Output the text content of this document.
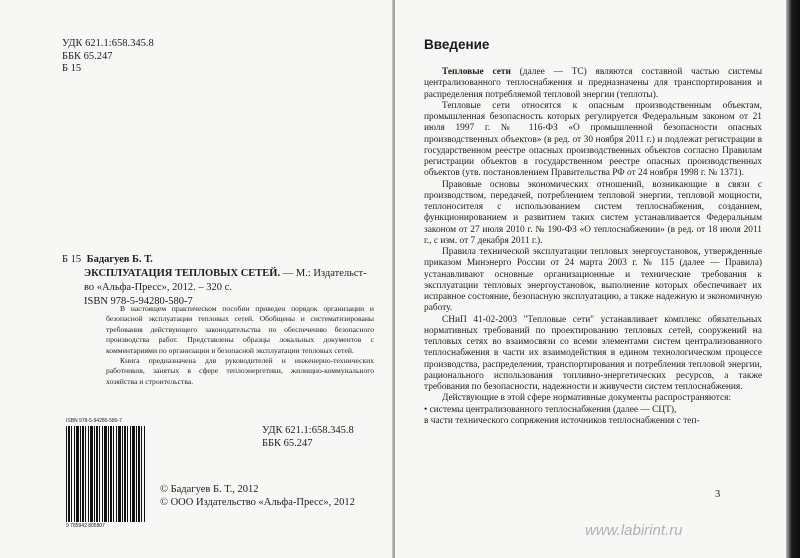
УДК 621.1:658.345.8
ББК 65.247
Б 15
Б 15 Бадагуев Б. Т.
ЭКСПЛУАТАЦИЯ ТЕПЛОВЫХ СЕТЕЙ. — М.: Издательст-
во «Альфа-Пресс», 2012. – 320 с.
ISBN 978-5-94280-580-7

В настоящем практическом пособии приведен порядок организации и безопасной эксплуатации тепловых сетей. Обобщены и систематизированы требования действующего законодательства по обеспечению безопасного производства работ. Представлены образцы локальных документов с комментариями по организации и безопасной эксплуатации тепловых сетей.

Книга предназначена для руководителей и инженерно-технических работников, занятых в сфере теплоэнергетики, жилищно-коммунального хозяйства и строительства.

УДК 621.1:658.345.8
ББК 65.247
ISBN 978-5-94280-580-7
9 785942 805807
© Бадагуев Б. Т., 2012
© ООО Издательство «Альфа-Пресс», 2012
Введение

Тепловые сети (далее — ТС) являются составной частью системы централизованного теплоснабжения и предназначены для транспортирования и распределения потребляемой тепловой энергии (теплоты).

Тепловые сети относятся к опасным производственным объектам, промышленная безопасность которых регулируется Федеральным законом от 21 июля 1997 г. № 116-ФЗ «О промышленной безопасности опасных производственных объектов» (в ред. от 30 ноября 2011 г.) и подлежат регистрации в государственном реестре опасных производственных объектов согласно Правилам регистрации объектов в государственном реестре опасных производственных объектов (утв. постановлением Правительства РФ от 24 ноября 1998 г. № 1371).

Правовые основы экономических отношений, возникающие в связи с производством, передачей, потреблением тепловой энергии, тепловой мощности, теплоносителя с использованием систем теплоснабжения, созданием, функционированием и развитием таких систем устанавливается Федеральным законом от 27 июля 2010 г. № 190-ФЗ «О теплоснабжении» (в ред. от 18 июля 2011 г., с изм. от 7 декабря 2011 г.).

Правила технической эксплуатации тепловых энергоустановок, утвержденные приказом Минэнерго России от 24 марта 2003 г. № 115 (далее — Правила) устанавливают основные организационные и технические требования к эксплуатации тепловых энергоустановок, выполнение которых обеспечивает их исправное состояние, безопасную эксплуатацию, а также надежную и экономичную работу.

СНиП 41-02-2003 "Тепловые сети" устанавливает комплекс обязательных нормативных требований по проектированию тепловых сетей, сооружений на тепловых сетях во взаимосвязи со всеми элементами систем централизованного теплоснабжения в части их взаимодействия в едином технологическом процессе производства, распределения, транспортирования и потребления тепловой энергии, рационального использования топливно-энергетических ресурсов, а также требования по безопасности, надежности и живучести систем теплоснабжения.

Действующие в этой сфере нормативные документы распространяются:

• системы централизованного теплоснабжения (далее — СЦТ),

в части технического сопряжения источников теплоснабжения с теп-

3
www.labirint.ru
